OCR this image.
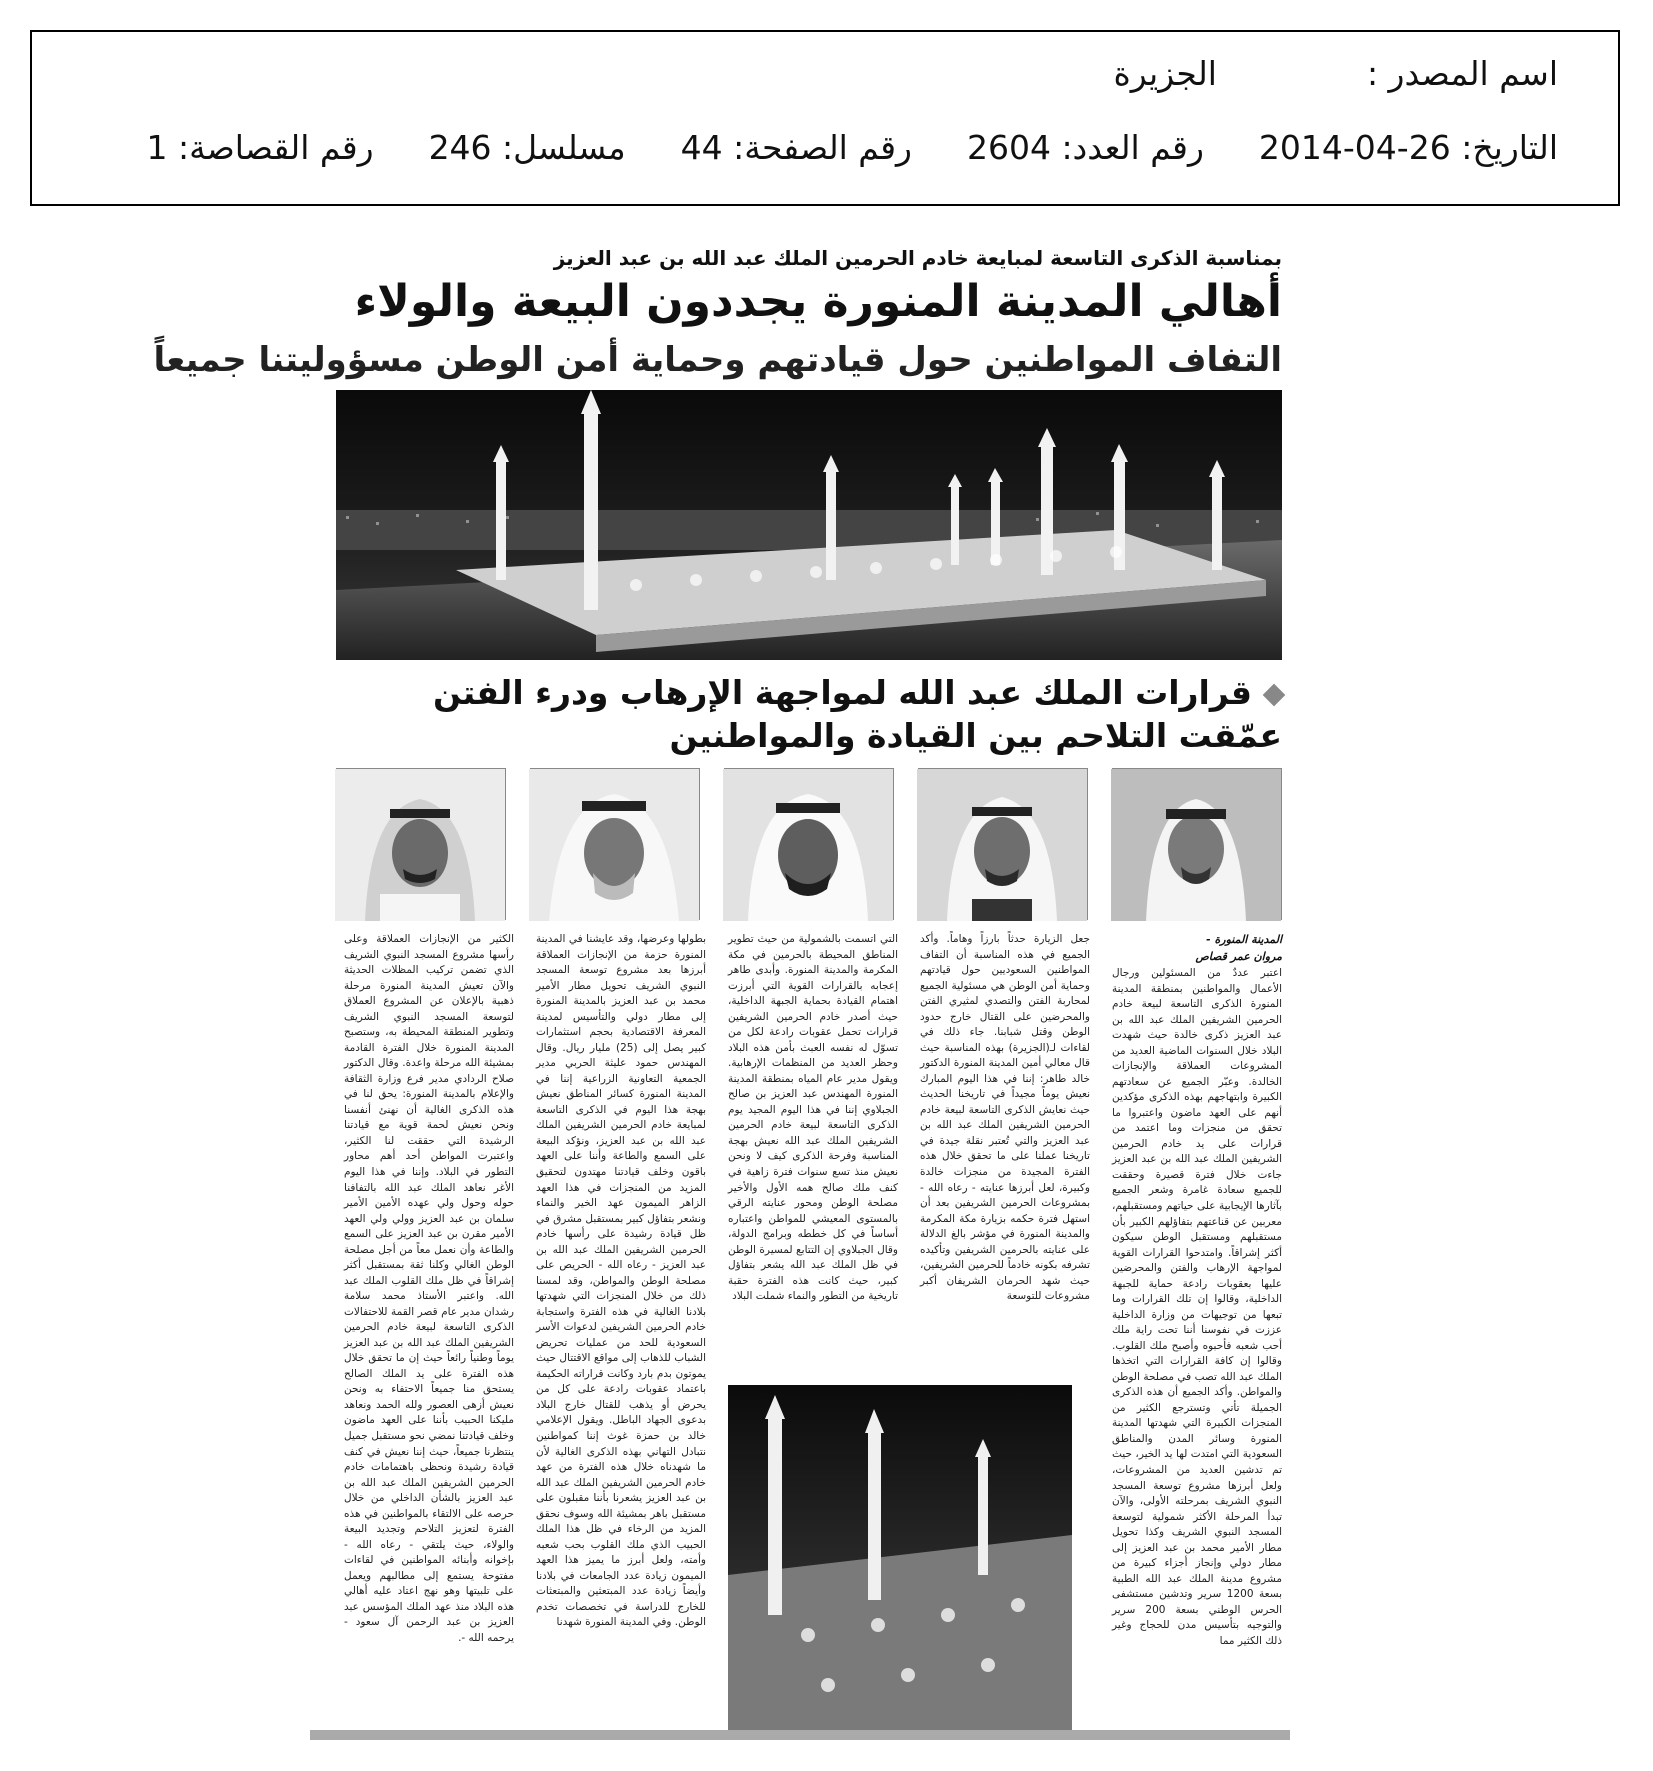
اسم المصدر :الجزيرة
التاريخ: 26-04-2014رقم العدد: 2604رقم الصفحة: 44مسلسل: 246رقم القصاصة: 1
بمناسبة الذكرى التاسعة لمبايعة خادم الحرمين الملك عبد الله بن عبد العزيز
أهالي المدينة المنورة يجددون البيعة والولاء
التفاف المواطنين حول قيادتهم وحماية أمن الوطن مسؤوليتنا جميعاً
قرارات الملك عبد الله لمواجهة الإرهاب ودرء الفتن
عمّقت التلاحم بين القيادة والمواطنين
المدينة المنورة -
مروان عمر قصاص

اعتبر عددٌ من المسئولين ورجال الأعمال والمواطنين بمنطقة المدينة المنورة الذكرى التاسعة لبيعة خادم الحرمين الشريفين الملك عبد الله بن عبد العزيز ذكرى خالدة حيث شهدت البلاد خلال السنوات الماضية العديد من المشروعات العملاقة والإنجازات الخالدة. وعبّر الجميع عن سعادتهم الكبيرة وابتهاجهم بهذه الذكرى مؤكدين أنهم على العهد ماضون واعتبروا ما تحقق من منجزات وما اعتمد من قرارات على يد خادم الحرمين الشريفين الملك عبد الله بن عبد العزيز جاءت خلال فترة قصيرة وحققت للجميع سعادة غامرة وشعر الجميع بآثارها الإيجابية على حياتهم ومستقبلهم، معربين عن قناعتهم بتفاؤلهم الكبير بأن مستقبلهم ومستقبل الوطن سيكون أكثر إشراقاً. وامتدحوا القرارات القوية لمواجهة الإرهاب والفتن والمحرضين عليها بعقوبات رادعة حماية للجبهة الداخلية، وقالوا إن تلك القرارات وما تبعها من توجيهات من وزارة الداخلية عززت في نفوسنا أننا تحت راية ملك أحب شعبه فأحبوه وأصبح ملك القلوب. وقالوا إن كافة القرارات التي اتخذها الملك عبد الله تصب في مصلحة الوطن والمواطن. وأكد الجميع أن هذه الذكرى الجميلة تأتي وتسترجع الكثير من المنجزات الكبيرة التي شهدتها المدينة المنورة وسائر المدن والمناطق السعودية التي امتدت لها يد الخير، حيث تم تدشين العديد من المشروعات، ولعل أبرزها مشروع توسعة المسجد النبوي الشريف بمرحلته الأولى، والآن تبدأ المرحلة الأكثر شمولية لتوسعة المسجد النبوي الشريف وكذا تحويل مطار الأمير محمد بن عبد العزيز إلى مطار دولي وإنجاز أجزاء كبيرة من مشروع مدينة الملك عبد الله الطبية بسعة 1200 سرير وتدشين مستشفى الحرس الوطني بسعة 200 سرير والتوجيه بتأسيس مدن للحجاج وغير ذلك الكثير مما

جعل الزيارة حدثاً بارزاً وهاماً. وأكد الجميع في هذه المناسبة أن التفاف المواطنين السعوديين حول قيادتهم وحماية أمن الوطن هي مسئولية الجميع لمحاربة الفتن والتصدي لمثيري الفتن والمحرضين على القتال خارج حدود الوطن وقتل شبابنا. جاء ذلك في لقاءات لـ(الجزيرة) بهذه المناسبة حيث قال معالي أمين المدينة المنورة الدكتور خالد طاهر: إننا في هذا اليوم المبارك نعيش يوماً مجيداً في تاريخنا الحديث حيث نعايش الذكرى التاسعة لبيعة خادم الحرمين الشريفين الملك عبد الله بن عبد العزيز والتي تُعتبر نقلة جيدة في تاريخنا عملنا على ما تحقق خلال هذه الفترة المجيدة من منجزات خالدة وكبيرة، لعل أبرزها عنايته - رعاه الله - بمشروعات الحرمين الشريفين بعد أن استهل فترة حكمه بزيارة مكة المكرمة والمدينة المنورة في مؤشر بالغ الدلالة على عنايته بالحرمين الشريفين وتأكيده تشرفه بكونه خادماً للحرمين الشريفين، حيث شهد الحرمان الشريفان أكبر مشروعات للتوسعة

التي اتسمت بالشمولية من حيث تطوير المناطق المحيطة بالحرمين في مكة المكرمة والمدينة المنورة. وأبدى طاهر إعجابه بالقرارات القوية التي أبرزت اهتمام القيادة بحماية الجبهة الداخلية، حيث أصدر خادم الحرمين الشريفين قرارات تحمل عقوبات رادعة لكل من تسوّل له نفسه العبث بأمن هذه البلاد وحظر العديد من المنظمات الإرهابية. ويقول مدير عام المياه بمنطقة المدينة المنورة المهندس عبد العزيز بن صالح الجبلاوي إننا في هذا اليوم المجيد يوم الذكرى التاسعة لبيعة خادم الحرمين الشريفين الملك عبد الله نعيش بهجة المناسبة وفرحة الذكرى كيف لا ونحن نعيش منذ تسع سنوات فترة زاهية في كنف ملك صالح همه الأول والأخير مصلحة الوطن ومحور عنايته الرقي بالمستوى المعيشي للمواطن واعتباره أساساً في كل خططه وبرامج الدولة، وقال الجبلاوي إن التتابع لمسيرة الوطن في ظل الملك عبد الله يشعر بتفاؤل كبير، حيث كانت هذه الفترة حقبة تاريخية من التطور والنماء شملت البلاد

بطولها وعرضها، وقد عايشنا في المدينة المنورة حزمة من الإنجازات العملاقة أبرزها بعد مشروع توسعة المسجد النبوي الشريف تحويل مطار الأمير محمد بن عبد العزيز بالمدينة المنورة إلى مطار دولي والتأسيس لمدينة المعرفة الاقتصادية بحجم استثمارات كبير يصل إلى (25) مليار ريال. وقال المهندس حمود عليثة الحربي مدير الجمعية التعاونية الزراعية إننا في المدينة المنورة كسائر المناطق نعيش بهجة هذا اليوم في الذكرى التاسعة لمبايعة خادم الحرمين الشريفين الملك عبد الله بن عبد العزيز، ونؤكد البيعة على السمع والطاعة وأننا على العهد باقون وخلف قيادتنا مهتدون لتحقيق المزيد من المنجزات في هذا العهد الزاهر الميمون عهد الخير والنماء ونشعر بتفاؤل كبير بمستقبل مشرق في ظل قيادة رشيدة على رأسها خادم الحرمين الشريفين الملك عبد الله بن عبد العزيز - رعاه الله - الحريص على مصلحة الوطن والمواطن، وقد لمسنا ذلك من خلال المنجزات التي شهدتها بلادنا الغالية في هذه الفترة واستجابة خادم الحرمين الشريفين لدعوات الأسر السعودية للحد من عمليات تحريض الشباب للذهاب إلى مواقع الاقتتال حيث يموتون بدم بارد وكانت قراراته الحكيمة باعتماد عقوبات رادعة على كل من يحرض أو يذهب للقتال خارج البلاد بدعوى الجهاد الباطل. ويقول الإعلامي خالد بن حمزة غوث إننا كمواطنين نتبادل التهاني بهذه الذكرى الغالية لأن ما شهدناه خلال هذه الفترة من عهد خادم الحرمين الشريفين الملك عبد الله بن عبد العزيز يشعرنا بأننا مقبلون على مستقبل باهر بمشيئة الله وسوف نحقق المزيد من الرخاء في ظل هذا الملك الحبيب الذي ملك القلوب بحب شعبه وأمته، ولعل أبرز ما يميز هذا العهد الميمون زيادة عدد الجامعات في بلادنا وأيضاً زيادة عدد المبتعثين والمبتعثات للخارج للدراسة في تخصصات تخدم الوطن. وفي المدينة المنورة شهدنا

الكثير من الإنجازات العملاقة وعلى رأسها مشروع المسجد النبوي الشريف الذي تضمن تركيب المظلات الحديثة والآن تعيش المدينة المنورة مرحلة ذهبية بالإعلان عن المشروع العملاق لتوسعة المسجد النبوي الشريف وتطوير المنطقة المحيطة به، وستصبح المدينة المنورة خلال الفترة القادمة بمشيئة الله مرحلة واعدة. وقال الدكتور صلاح الردادي مدير فرع وزارة الثقافة والإعلام بالمدينة المنورة: يحق لنا في هذه الذكرى الغالية أن نهنئ أنفسنا ونحن نعيش لحمة قوية مع قيادتنا الرشيدة التي حققت لنا الكثير، واعتبرت المواطن أحد أهم محاور التطور في البلاد. وإننا في هذا اليوم الأغر نعاهد الملك عبد الله بالتفافنا حوله وحول ولي عهده الأمين الأمير سلمان بن عبد العزيز وولي ولي العهد الأمير مقرن بن عبد العزيز على السمع والطاعة وأن نعمل معاً من أجل مصلحة الوطن الغالي وكلنا ثقة بمستقبل أكثر إشراقاً في ظل ملك القلوب الملك عبد الله. واعتبر الأستاذ محمد سلامة رشدان مدير عام قصر القمة للاحتفالات الذكرى التاسعة لبيعة خادم الحرمين الشريفين الملك عبد الله بن عبد العزيز يوماً وطنياً رائعاً حيث إن ما تحقق خلال هذه الفترة على يد الملك الصالح يستحق منا جميعاً الاحتفاء به ونحن نعيش أزهى العصور ولله الحمد ونعاهد مليكنا الحبيب بأننا على العهد ماضون وخلف قيادتنا نمضي نحو مستقبل جميل ينتظرنا جميعاً، حيث إننا نعيش في كنف قيادة رشيدة ونحظى باهتمامات خادم الحرمين الشريفين الملك عبد الله بن عبد العزيز بالشأن الداخلي من خلال حرصه على الالتقاء بالمواطنين في هذه الفترة لتعزيز التلاحم وتجديد البيعة والولاء، حيث يلتقي - رعاه الله - بإخوانه وأبنائه المواطنين في لقاءات مفتوحة يستمع إلى مطالبهم ويعمل على تلبيتها وهو نهج اعتاد عليه أهالي هذه البلاد منذ عهد الملك المؤسس عبد العزيز بن عبد الرحمن آل سعود - يرحمه الله -.
